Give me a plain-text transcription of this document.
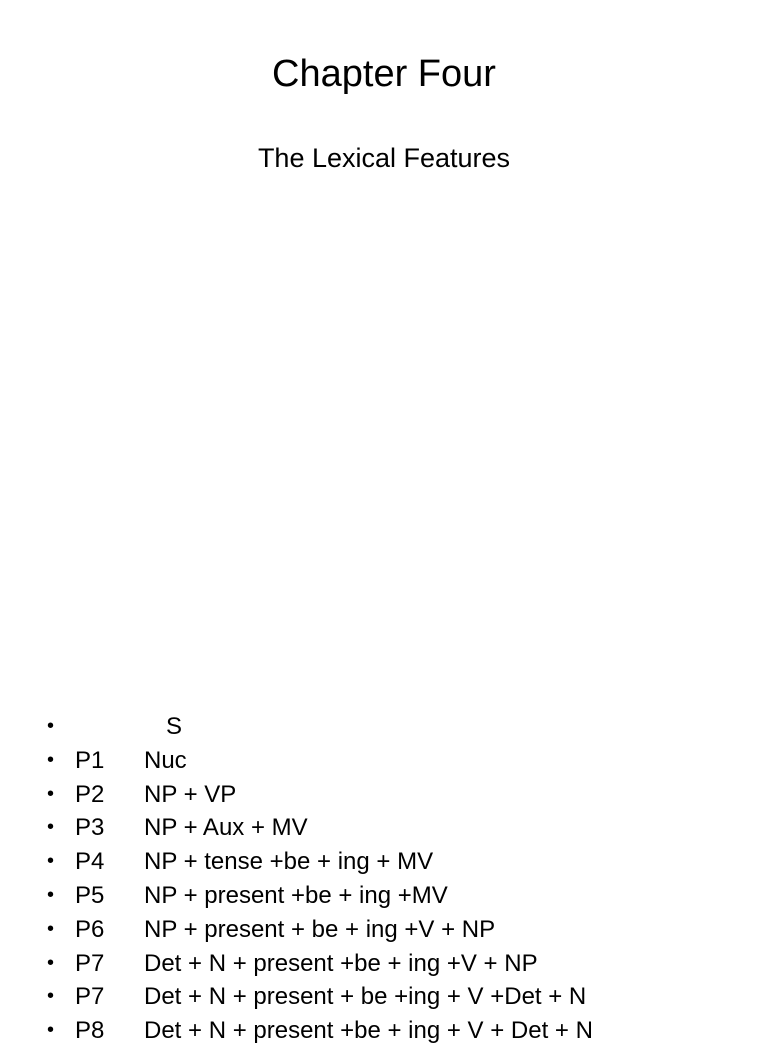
Chapter Four
The Lexical Features
•	S
• P1 Nuc
• P2 NP + VP
• P3 NP + Aux + MV
• P4 NP + tense +be + ing + MV
• P5 NP + present +be + ing +MV
• P6 NP + present + be + ing +V + NP
• P7 Det + N + present +be + ing +V + NP
• P7 Det + N + present + be +ing + V +Det + N
• P8 Det + N + present +be + ing + V + Det + N
